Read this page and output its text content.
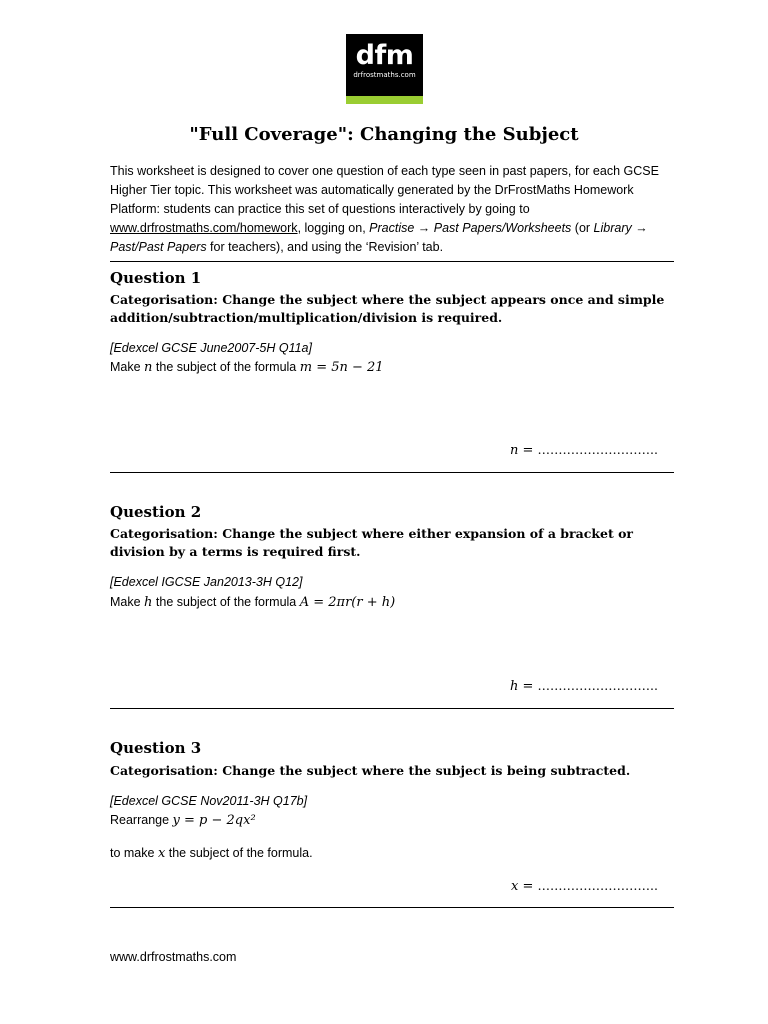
dfm
drfrostmaths.com
"Full Coverage": Changing the Subject
This worksheet is designed to cover one question of each type seen in past papers, for each GCSE Higher Tier topic. This worksheet was automatically generated by the DrFrostMaths Homework Platform: students can practice this set of questions interactively by going to www.drfrostmaths.com/homework, logging on, Practise → Past Papers/Worksheets (or Library → Past/Past Papers for teachers), and using the ‘Revision’ tab.
Question 1
Categorisation: Change the subject where the subject appears once and simple addition/subtraction/multiplication/division is required.
[Edexcel GCSE June2007-5H Q11a]
Make n the subject of the formula m = 5n − 21
n = ………………………..
Question 2
Categorisation: Change the subject where either expansion of a bracket or division by a terms is required first.
[Edexcel IGCSE Jan2013-3H Q12]
Make h the subject of the formula A = 2πr(r + h)
h = ………………………..
Question 3
Categorisation: Change the subject where the subject is being subtracted.
[Edexcel GCSE Nov2011-3H Q17b]
Rearrange y = p − 2qx²
to make x the subject of the formula.
x = ………………………..
www.drfrostmaths.com
